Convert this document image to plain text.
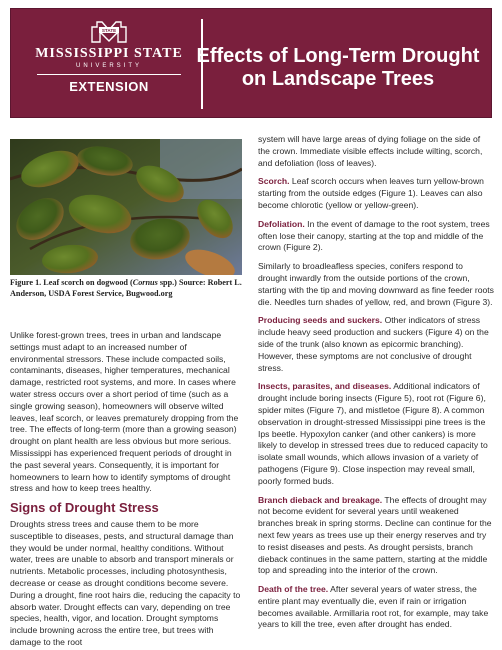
STATE
MISSISSIPPI STATE
UNIVERSITY
EXTENSION
Effects of Long-Term Drought
on Landscape Trees
Figure 1. Leaf scorch on dogwood (Cornus spp.) Source: Robert L. Anderson, USDA Forest Service, Bugwood.org

Unlike forest-grown trees, trees in urban and landscape settings must adapt to an increased number of environmental stressors. These include compacted soils, contaminants, diseases, higher temperatures, mechanical damage, restricted root systems, and more. In cases where water stress occurs over a short period of time (such as a single growing season), homeowners will observe wilted leaves, leaf scorch, or leaves prematurely dropping from the tree. The effects of long-term (more than a growing season) drought on plant health are less obvious but more serious. Mississippi has experienced frequent periods of drought in the past several years. Consequently, it is important for homeowners to learn how to identify symptoms of drought stress and how to keep trees healthy.

Signs of Drought Stress

Droughts stress trees and cause them to be more susceptible to diseases, pests, and structural damage than they would be under normal, healthy conditions. Without water, trees are unable to absorb and transport minerals or nutrients. Metabolic processes, including photosynthesis, decrease or cease as drought conditions become severe. During a drought, fine root hairs die, reducing the capacity to absorb water. Drought effects can vary, depending on tree species, health, vigor, and location. Drought symptoms include browning across the entire tree, but trees with damage to the root

system will have large areas of dying foliage on the side of the crown. Immediate visible effects include wilting, scorch, and defoliation (loss of leaves).

Scorch. Leaf scorch occurs when leaves turn yellow-brown starting from the outside edges (Figure 1). Leaves can also become chlorotic (yellow or yellow-green).

Defoliation. In the event of damage to the root system, trees often lose their canopy, starting at the top and middle of the crown (Figure 2).

Similarly to broadleafless species, conifers respond to drought inwardly from the outside portions of the crown, starting with the tip and moving downward as fine feeder roots die. Needles turn shades of yellow, red, and brown (Figure 3).

Producing seeds and suckers. Other indicators of stress include heavy seed production and suckers (Figure 4) on the side of the trunk (also known as epicormic branching). However, these symptoms are not conclusive of drought stress.

Insects, parasites, and diseases. Additional indicators of drought include boring insects (Figure 5), root rot (Figure 6), spider mites (Figure 7), and mistletoe (Figure 8). A common observation in drought-stressed Mississippi pine trees is the Ips beetle. Hypoxylon canker (and other cankers) is more likely to develop in stressed trees due to reduced capacity to isolate small wounds, which allows invasion of a variety of pathogens (Figure 9). Close inspection may reveal small, poorly formed buds.

Branch dieback and breakage. The effects of drought may not become evident for several years until weakened branches break in spring storms. Decline can continue for the next few years as trees use up their energy reserves and try to resist diseases and pests. As drought persists, branch dieback continues in the same pattern, starting at the middle top and spreading into the interior of the crown.

Death of the tree. After several years of water stress, the entire plant may eventually die, even if rain or irrigation becomes available. Armillaria root rot, for example, may take years to kill the tree, even after drought has ended.
